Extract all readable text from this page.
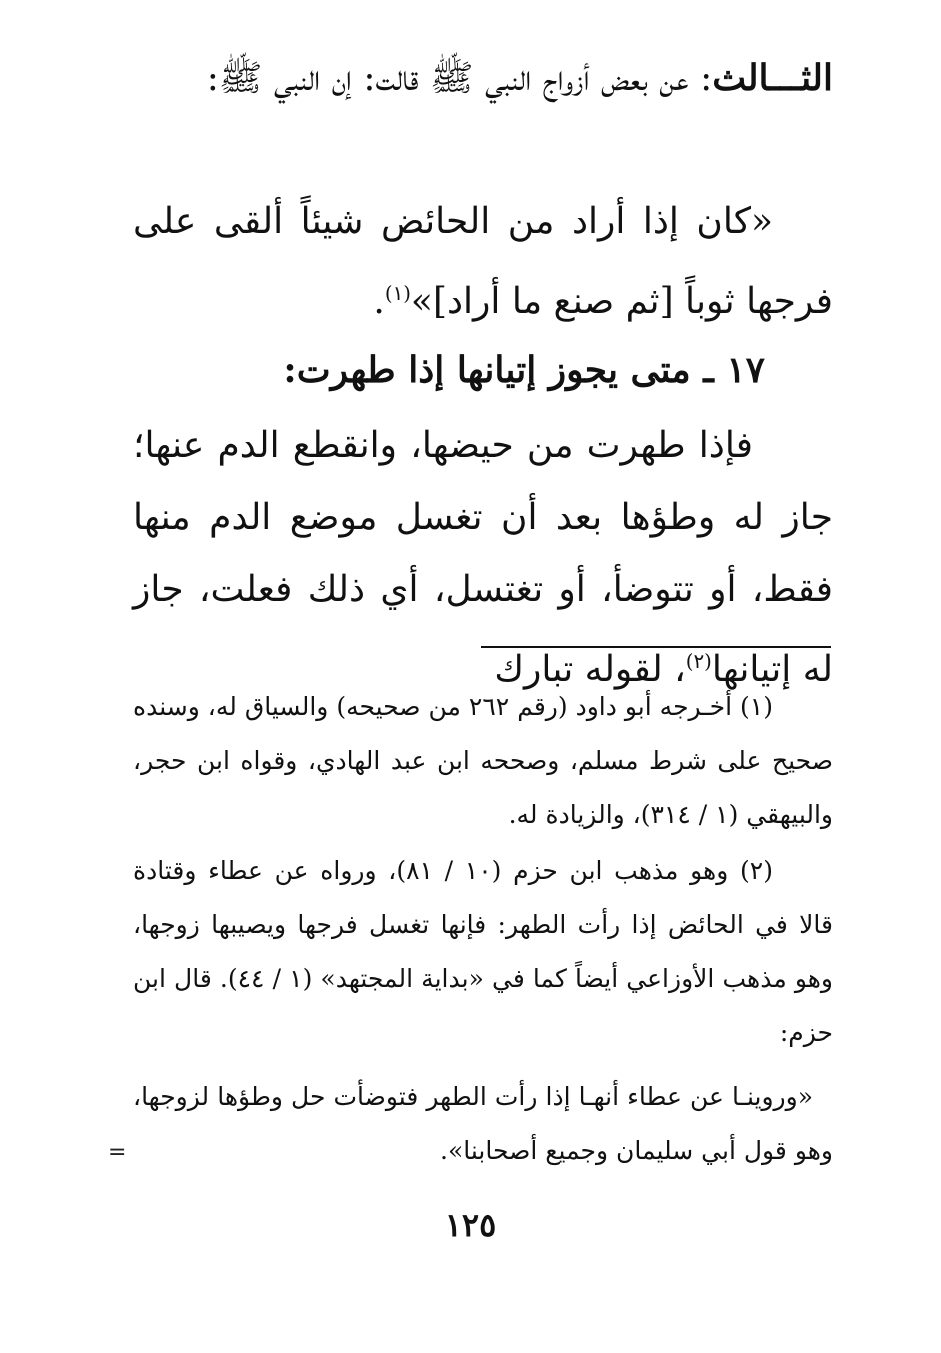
الثـــالث: عن بعض أزواج النبي ﷺ قالت: إن النبي ﷺ:

«كان إذا أراد من الحائض شيئاً ألقى على فرجها ثوباً [ثم صنع ما أراد]»$^{(١)}$.

١٧ ـ متى يجوز إتيانها إذا طهرت:

فإذا طهرت من حيضها، وانقطع الدم عنها؛ جاز له وطؤها بعد أن تغسل موضع الدم منها فقط، أو تتوضأ، أو تغتسل، أي ذلك فعلت، جاز له إتيانها$^{(٢)}$، لقوله تبارك

(١) أخـرجه أبو داود (رقم ٢٦٢ من صحيحه) والسياق له، وسنده صحيح على شرط مسلم، وصححه ابن عبد الهادي، وقواه ابن حجر، والبيهقي (١ / ٣١٤)، والزيادة له.

(٢) وهو مذهب ابن حزم (١٠ / ٨١)، ورواه عن عطاء وقتادة قالا في الحائض إذا رأت الطهر: فإنها تغسل فرجها ويصيبها زوجها، وهو مذهب الأوزاعي أيضاً كما في «بداية المجتهد» (١ / ٤٤). قال ابن حزم:

«وروينـا عن عطاء أنهـا إذا رأت الطهر فتوضأت حل وطؤها لزوجها، وهو قول أبي سليمان وجميع أصحابنا».

=
١٢٥
